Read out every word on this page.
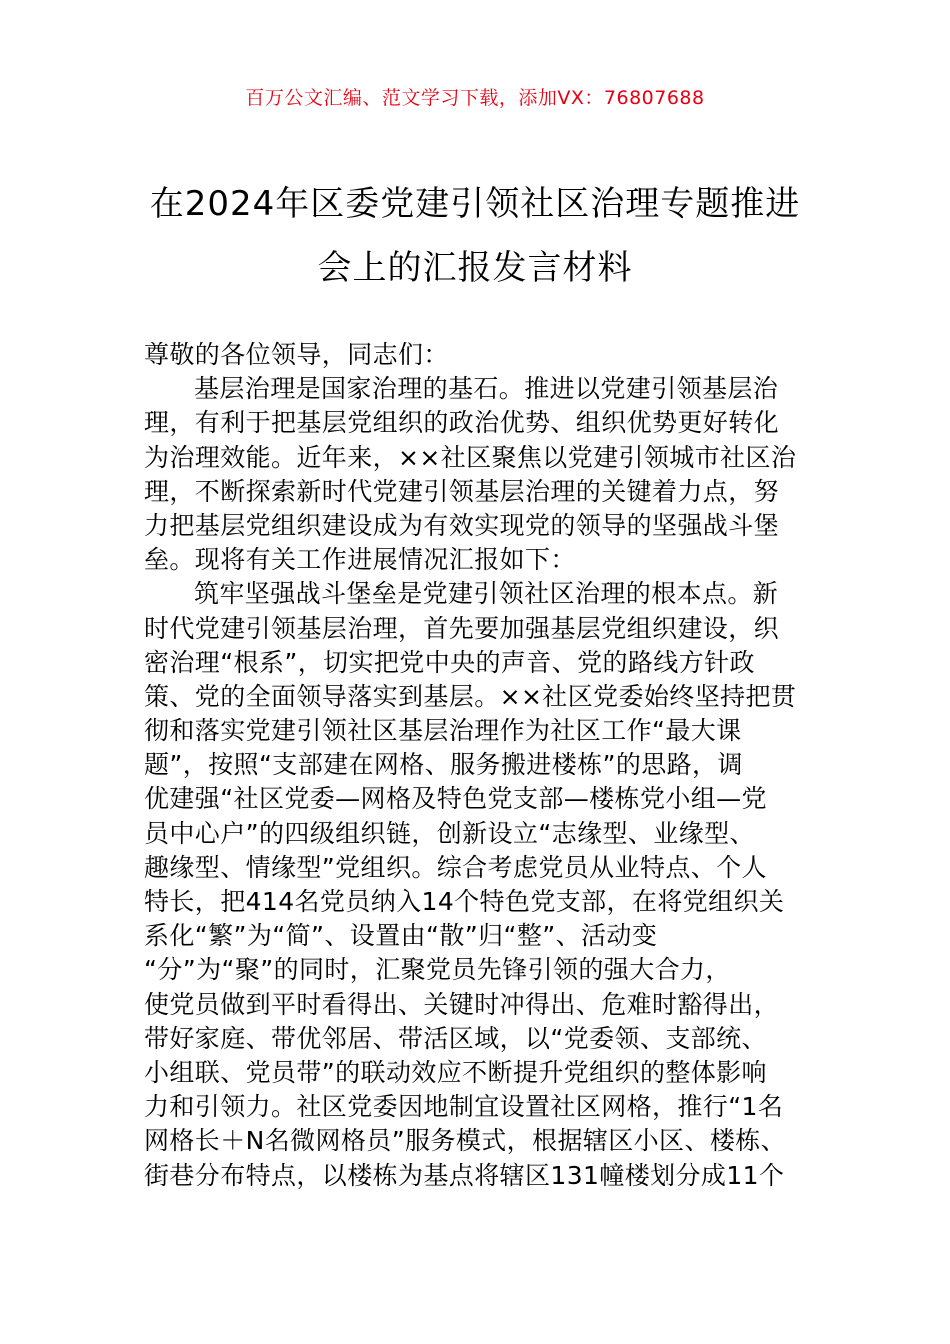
百万公文汇编、范文学习下载，添加VX：76807688
在2024年区委党建引领社区治理专题推进
会上的汇报发言材料
尊敬的各位领导，同志们：
基层治理是国家治理的基石。推进以党建引领基层治
理，有利于把基层党组织的政治优势、组织优势更好转化
为治理效能。近年来，××社区聚焦以党建引领城市社区治
理，不断探索新时代党建引领基层治理的关键着力点，努
力把基层党组织建设成为有效实现党的领导的坚强战斗堡
垒。现将有关工作进展情况汇报如下：
筑牢坚强战斗堡垒是党建引领社区治理的根本点。新
时代党建引领基层治理，首先要加强基层党组织建设，织
密治理“根系”，切实把党中央的声音、党的路线方针政
策、党的全面领导落实到基层。××社区党委始终坚持把贯
彻和落实党建引领社区基层治理作为社区工作“最大课
题”，按照“支部建在网格、服务搬进楼栋”的思路，调
优建强“社区党委—网格及特色党支部—楼栋党小组—党
员中心户”的四级组织链，创新设立“志缘型、业缘型、
趣缘型、情缘型”党组织。综合考虑党员从业特点、个人
特长，把414名党员纳入14个特色党支部，在将党组织关
系化“繁”为“简”、设置由“散”归“整”、活动变
“分”为“聚”的同时，汇聚党员先锋引领的强大合力，
使党员做到平时看得出、关键时冲得出、危难时豁得出，
带好家庭、带优邻居、带活区域，以“党委领、支部统、
小组联、党员带”的联动效应不断提升党组织的整体影响
力和引领力。社区党委因地制宜设置社区网格，推行“1名
网格长＋N名微网格员”服务模式，根据辖区小区、楼栋、
街巷分布特点，以楼栋为基点将辖区131幢楼划分成11个
